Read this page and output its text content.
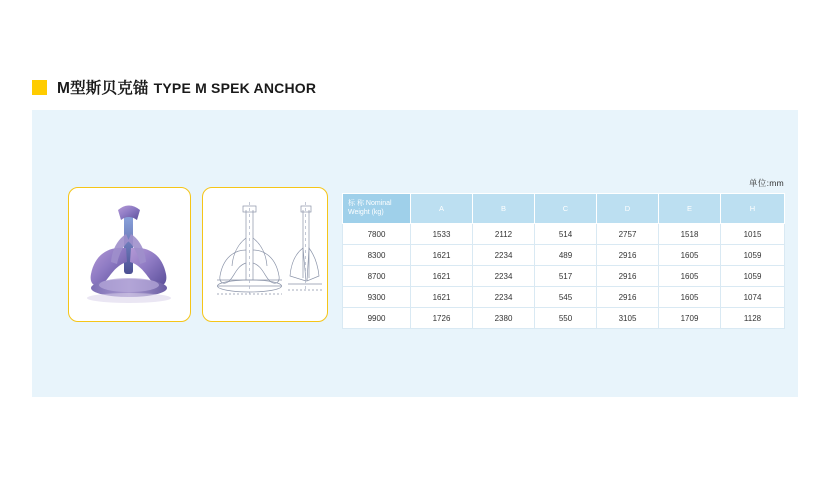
M型斯贝克锚 TYPE M SPEK ANCHOR
单位:mm
标 称 Nominal
Weight (kg)	A	B	C	D	E	H
7800	1533	2112	514	2757	1518	1015
8300	1621	2234	489	2916	1605	1059
8700	1621	2234	517	2916	1605	1059
9300	1621	2234	545	2916	1605	1074
9900	1726	2380	550	3105	1709	1128
